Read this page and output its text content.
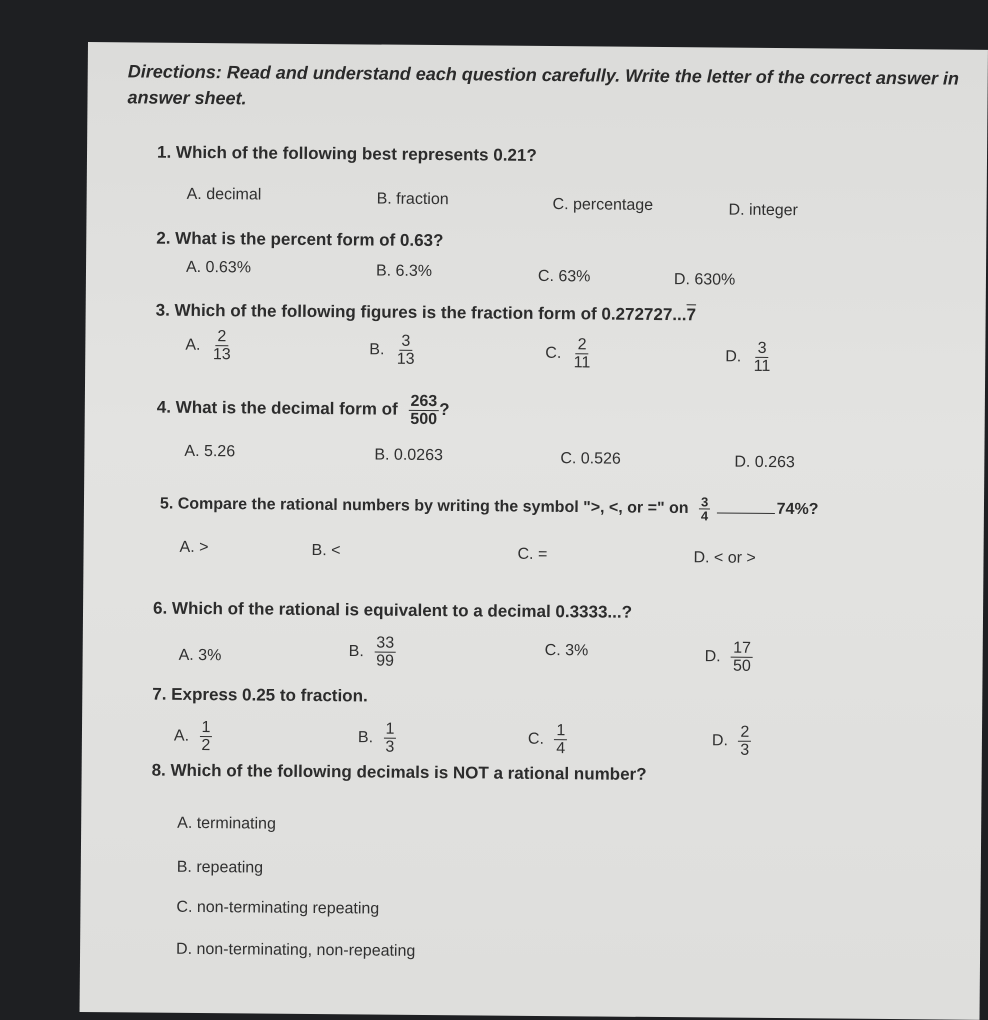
Directions: Read and understand each question carefully. Write the letter of the correct answer in
answer sheet.
1. Which of the following best represents 0.21?
A. decimal	B. fraction	C. percentage	D. integer
2. What is the percent form of 0.63?
A. 0.63%	B. 6.3%	C. 63%	D. 630%
3. Which of the following figures is the fraction form of 0.272727...7
A. $\frac{2}{13}$	B. $\frac{3}{13}$	C. $\frac{2}{11}$	D. $\frac{3}{11}$
4. What is the decimal form of $\frac{263}{500}$ ?
A. 5.26	B. 0.0263	C. 0.526	D. 0.263
5. Compare the rational numbers by writing the symbol ">, <, or =" on $\frac{3}{4}$	74%?
A. >	B. <	C. =	D. < or >
6. Which of the rational is equivalent to a decimal 0.3333...?
A. 3%	B. $\frac{33}{99}$	C. 3%	D. $\frac{17}{50}$
7. Express 0.25 to fraction.
A. $\frac{1}{2}$	B. $\frac{1}{3}$	C. $\frac{1}{4}$	D. $\frac{2}{3}$
8. Which of the following decimals is NOT a rational number?
A. terminating
B. repeating
C. non-terminating repeating
D. non-terminating, non-repeating
